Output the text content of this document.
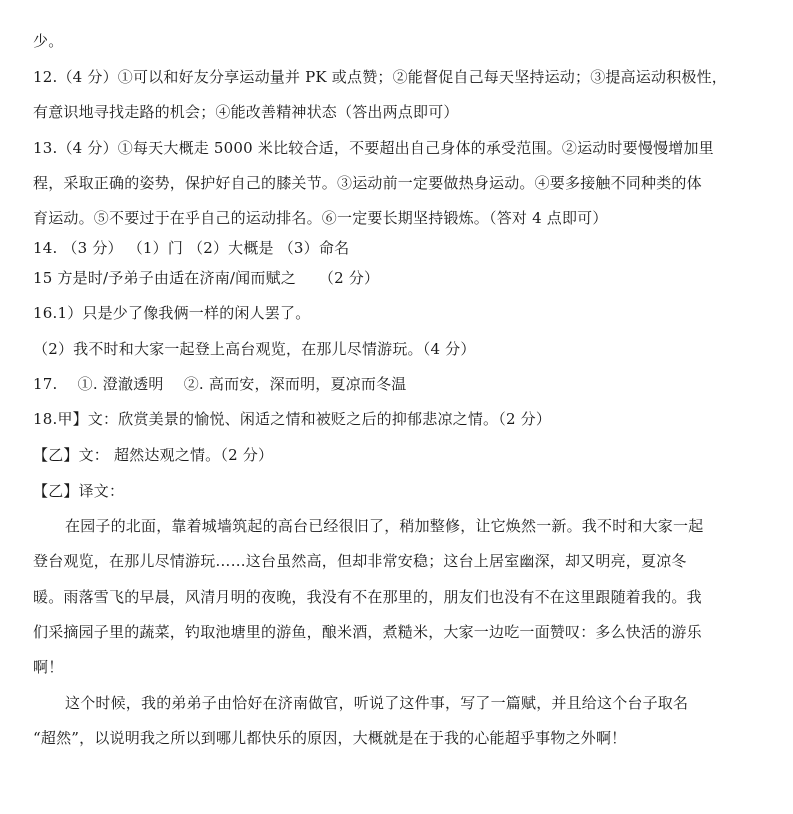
少。
12.（4 分）①可以和好友分享运动量并 PK 或点赞；②能督促自己每天坚持运动；③提高运动积极性，
有意识地寻找走路的机会；④能改善精神状态（答出两点即可）
13.（4 分）①每天大概走 5000 米比较合适，不要超出自己身体的承受范围。②运动时要慢慢增加里
程，采取正确的姿势，保护好自己的膝关节。③运动前一定要做热身运动。④要多接触不同种类的体
育运动。⑤不要过于在乎自己的运动排名。⑥一定要长期坚持锻炼。（答对 4 点即可）
14. （3 分） （1）门 （2）大概是 （3）命名
15 方是时/予弟子由适在济南/闻而赋之　　（2 分）
16.1）只是少了像我俩一样的闲人罢了。
（2）我不时和大家一起登上高台观览，在那儿尽情游玩。（4 分）
17.　 ①. 澄澈透明　 ②. 高而安，深而明，夏凉而冬温
18.甲】文：欣赏美景的愉悦、闲适之情和被贬之后的抑郁悲凉之情。（2 分）
【乙】文： 超然达观之情。（2 分）
【乙】译文：
在园子的北面，靠着城墙筑起的高台已经很旧了，稍加整修，让它焕然一新。我不时和大家一起
登台观览，在那儿尽情游玩……这台虽然高，但却非常安稳；这台上居室幽深，却又明亮，夏凉冬
暖。雨落雪飞的早晨，风清月明的夜晚，我没有不在那里的，朋友们也没有不在这里跟随着我的。我
们采摘园子里的蔬菜，钓取池塘里的游鱼，酿米酒，煮糙米，大家一边吃一面赞叹：多么快活的游乐
啊！
这个时候，我的弟弟子由恰好在济南做官，听说了这件事，写了一篇赋，并且给这个台子取名
“超然”，以说明我之所以到哪儿都快乐的原因，大概就是在于我的心能超乎事物之外啊！
